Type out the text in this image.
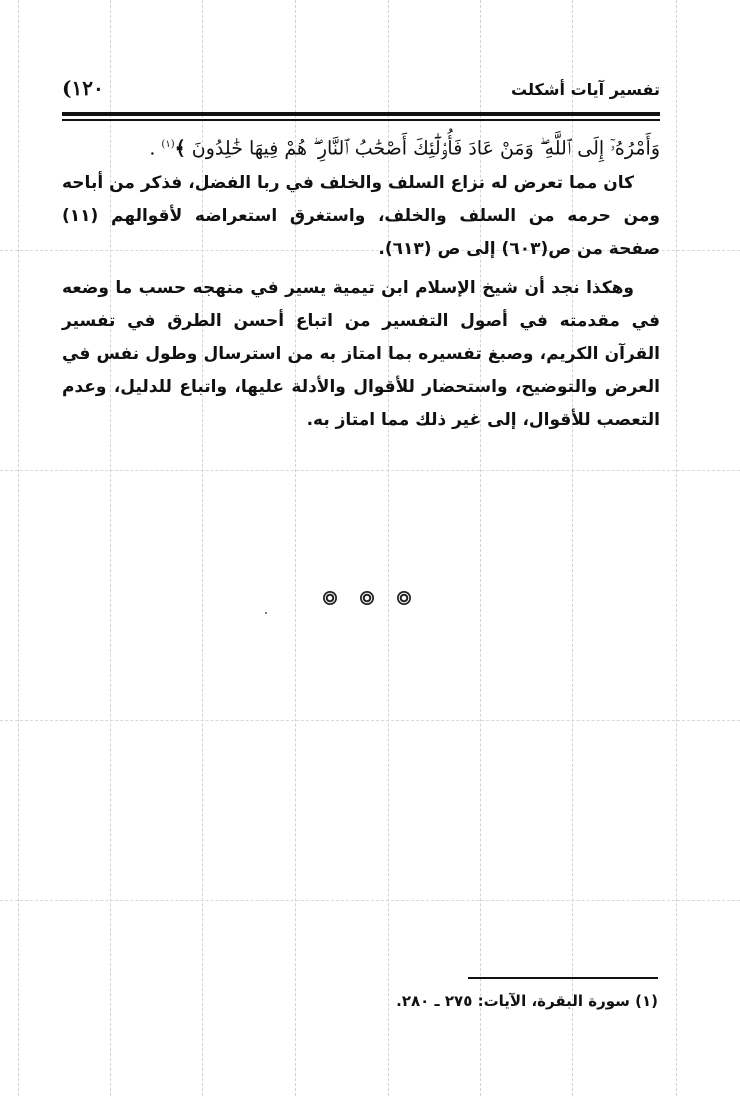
(١٢٠	تفسير آيات أشكلت

وَأَمْرُهُۥٓ إِلَى ٱللَّهِ ۖ وَمَنْ عَادَ فَأُو۟لَٰٓئِكَ أَصْحَٰبُ ٱلنَّارِ ۖ هُمْ فِيهَا خَٰلِدُونَ ﴾$^{(١)}$ .

كان مما تعرض له نزاع السلف والخلف في ربا الفضل، فذكر من أباحه ومن حرمه من السلف والخلف، واستغرق استعراضه لأقوالهم (١١) صفحة من ص(٦٠٣) إلى ص (٦١٣).

وهكذا نجد أن شيخ الإسلام ابن تيمية يسير في منهجه حسب ما وضعه في مقدمته في أصول التفسير من اتباع أحسن الطرق في تفسير القرآن الكريم، وصبغ تفسيره بما امتاز به من استرسال وطول نفس في العرض والتوضيح، واستحضار للأقوال والأدلة عليها، واتباع للدليل، وعدم التعصب للأقوال، إلى غير ذلك مما امتاز به.

(١) سورة البقرة، الآيات: ٢٧٥ ـ ٢٨٠.
